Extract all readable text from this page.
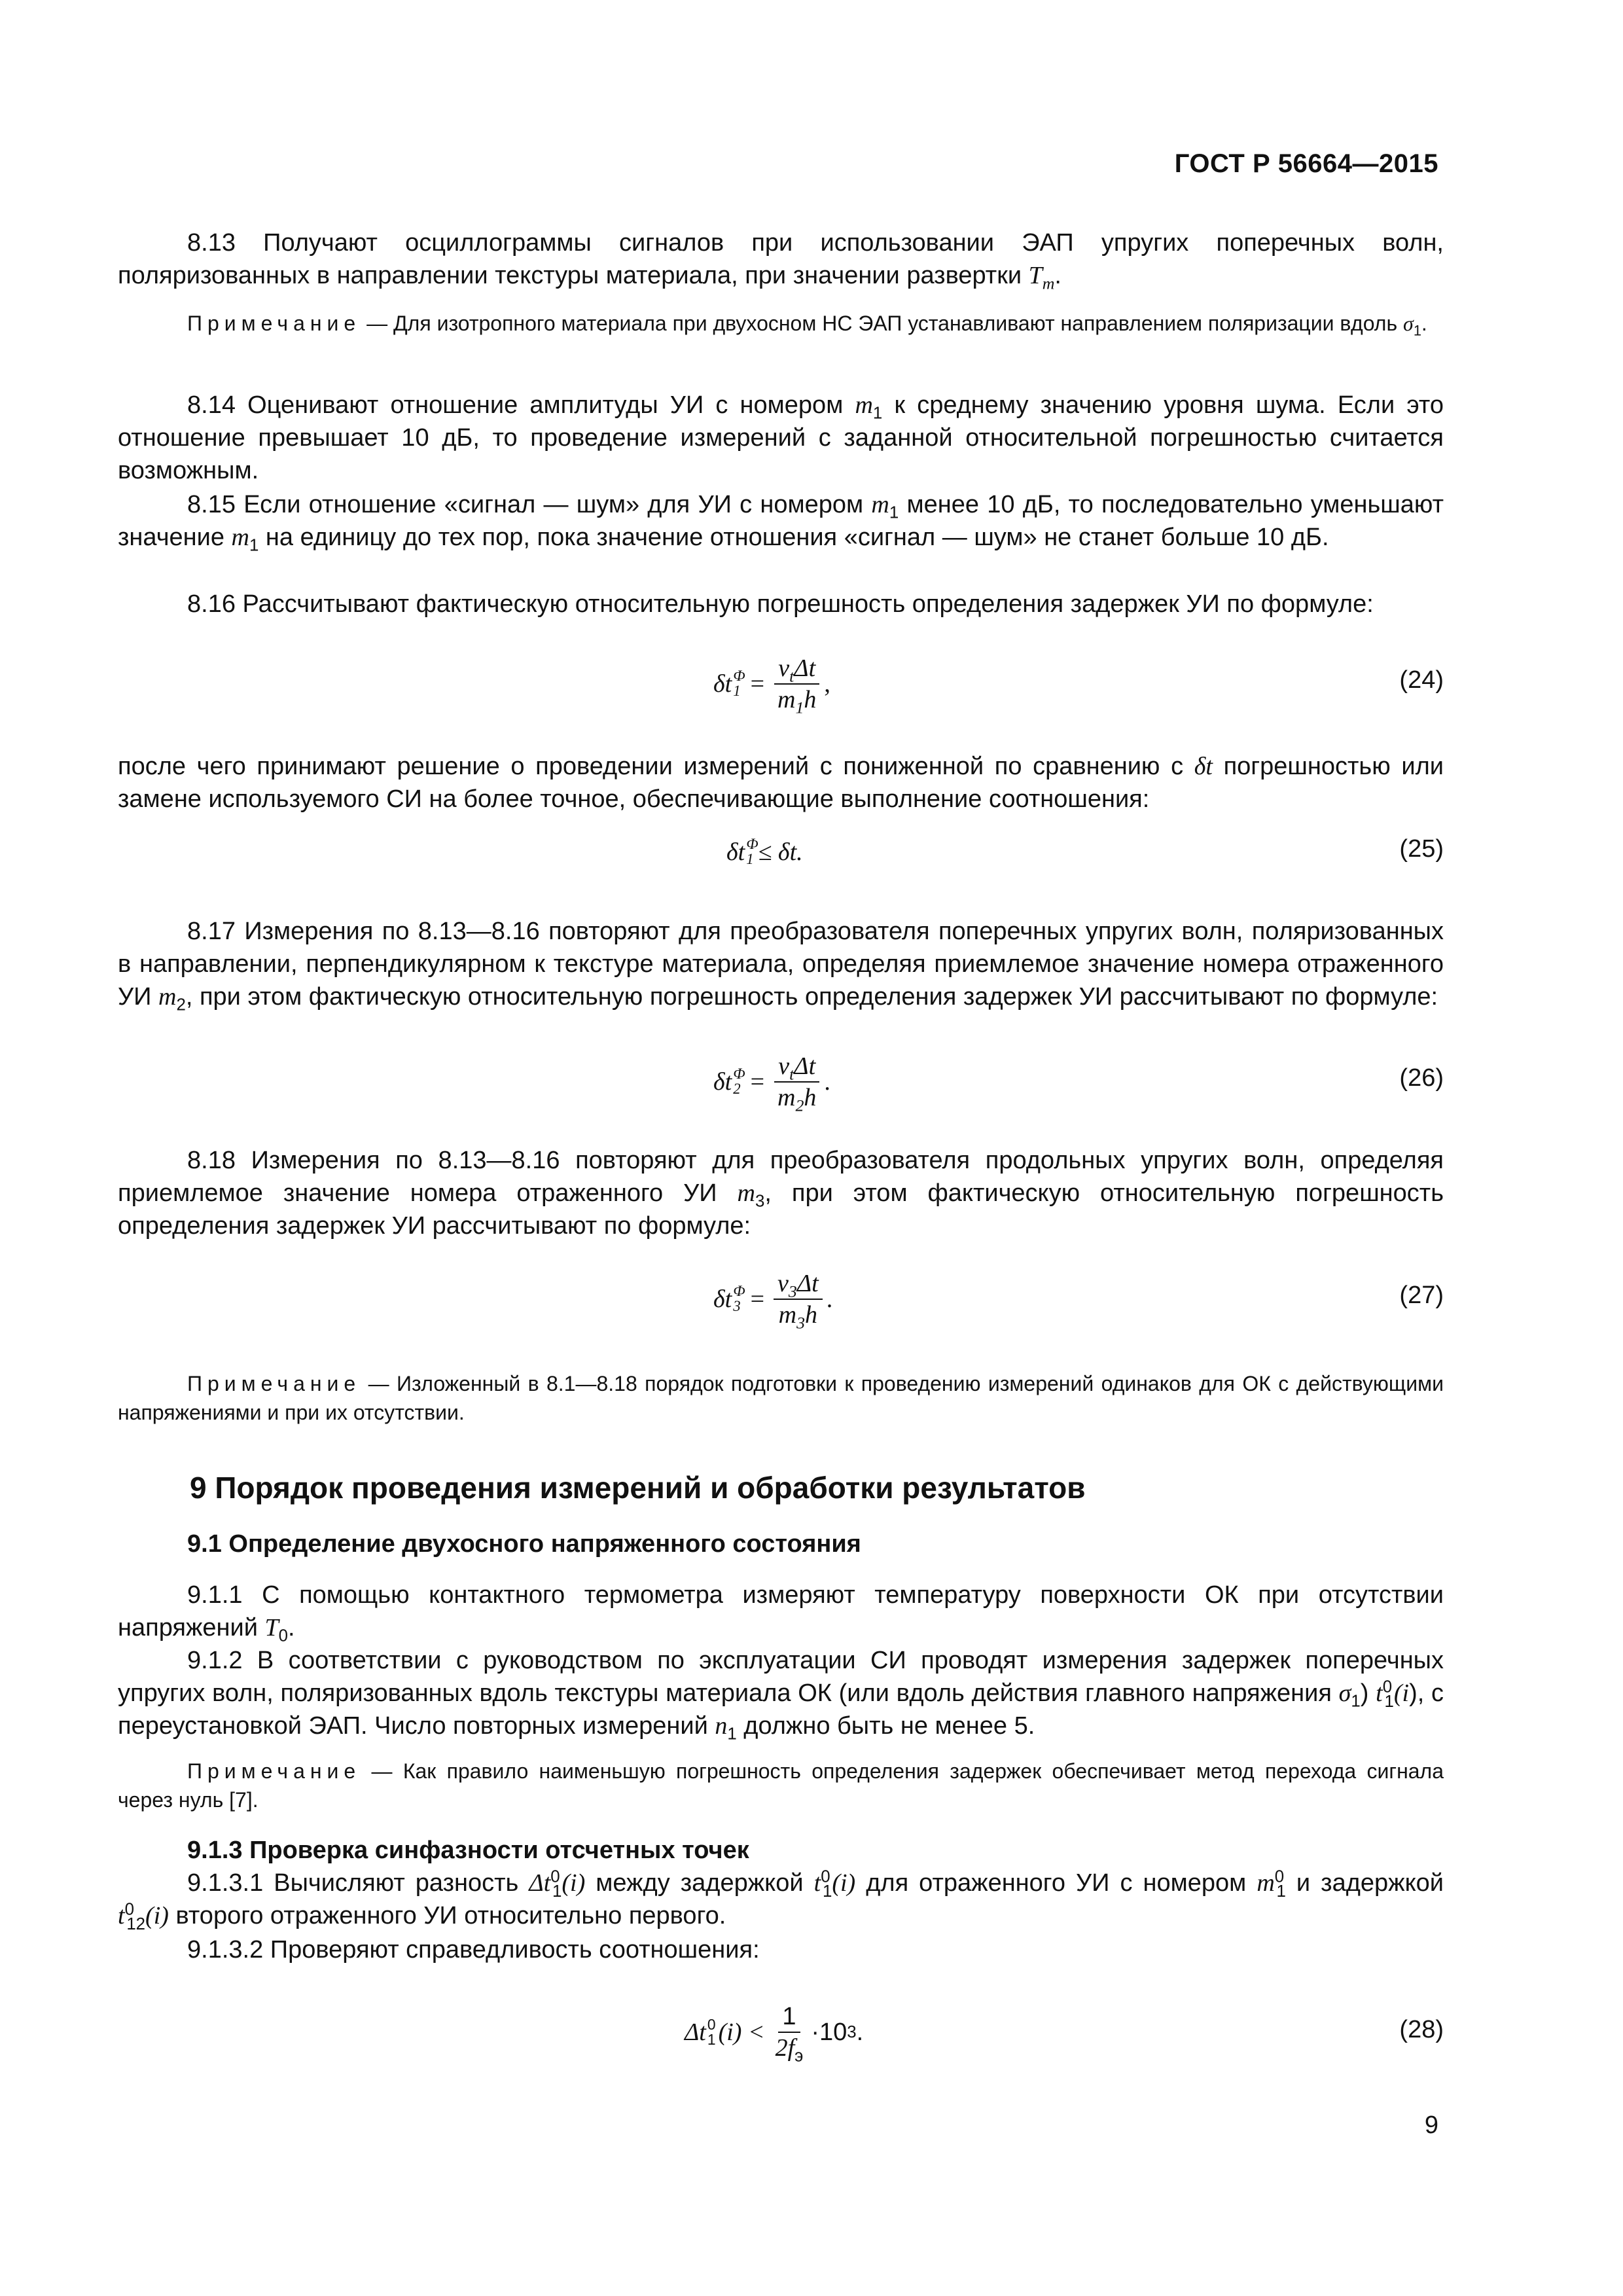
ГОСТ Р 56664—2015

8.13 Получают осциллограммы сигналов при использовании ЭАП упругих поперечных волн, поляризованных в направлении текстуры материала, при значении развертки $T_m$.

Примечание — Для изотропного материала при двухосном НС ЭАП устанавливают направлением поляризации вдоль $\sigma_1$.

8.14 Оценивают отношение амплитуды УИ с номером $m_1$ к среднему значению уровня шума. Если это отношение превышает 10 дБ, то проведение измерений с заданной относительной погрешностью считается возможным.

8.15 Если отношение «сигнал — шум» для УИ с номером $m_1$ менее 10 дБ, то последовательно уменьшают значение $m_1$ на единицу до тех пор, пока значение отношения «сигнал — шум» не станет больше 10 дБ.

8.16 Рассчитывают фактическую относительную погрешность определения задержек УИ по формуле:

δt Ф
$1 = \frac{v_t\Delta t}{m_1h}$ ,	(24)

после чего принимают решение о проведении измерений с пониженной по сравнению с δt погрешностью или замене используемого СИ на более точное, обеспечивающие выполнение соотношения:

δt Ф
1 ≤ δt.	(25)

8.17 Измерения по 8.13—8.16 повторяют для преобразователя поперечных упругих волн, поляризованных в направлении, перпендикулярном к текстуре материала, определяя приемлемое значение номера отраженного УИ $m_2$, при этом фактическую относительную погрешность определения задержек УИ рассчитывают по формуле:

δt Ф
$2 = \frac{v_t\Delta t}{m_2h}$ .	(26)

8.18 Измерения по 8.13—8.16 повторяют для преобразователя продольных упругих волн, определяя приемлемое значение номера отраженного УИ $m_3$, при этом фактическую относительную погрешность определения задержек УИ рассчитывают по формуле:

δt Ф
$3 = \frac{v_3\Delta t}{m_3h}$ .	(27)

Примечание — Изложенный в 8.1—8.18 порядок подготовки к проведению измерений одинаков для ОК с действующими напряжениями и при их отсутствии.

9 Порядок проведения измерений и обработки результатов
9.1 Определение двухосного напряженного состояния

9.1.1 С помощью контактного термометра измеряют температуру поверхности ОК при отсутствии напряжений $T_0$.

9.1.2 В соответствии с руководством по эксплуатации СИ проводят измерения задержек поперечных упругих волн, поляризованных вдоль текстуры материала ОК (или вдоль действия главного напряжения $\sigma_1$) $t^0_1(i)$, с переустановкой ЭАП. Число повторных измерений $n_1$ должно быть не менее 5.

Примечание — Как правило наименьшую погрешность определения задержек обеспечивает метод перехода сигнала через нуль [7].

9.1.3 Проверка синфазности отсчетных точек

9.1.3.1 Вычисляют разность $\Delta t^0_1(i)$ между задержкой $t^0_1(i)$ для отраженного УИ с номером $m^0_1$ и задержкой $t^0_{12}(i)$ второго отраженного УИ относительно первого.

9.1.3.2 Проверяют справедливость соотношения:

Δt 0
1 $(i) < \frac{1}{2f_э} \cdot 10$ 3 .	(28)
9
